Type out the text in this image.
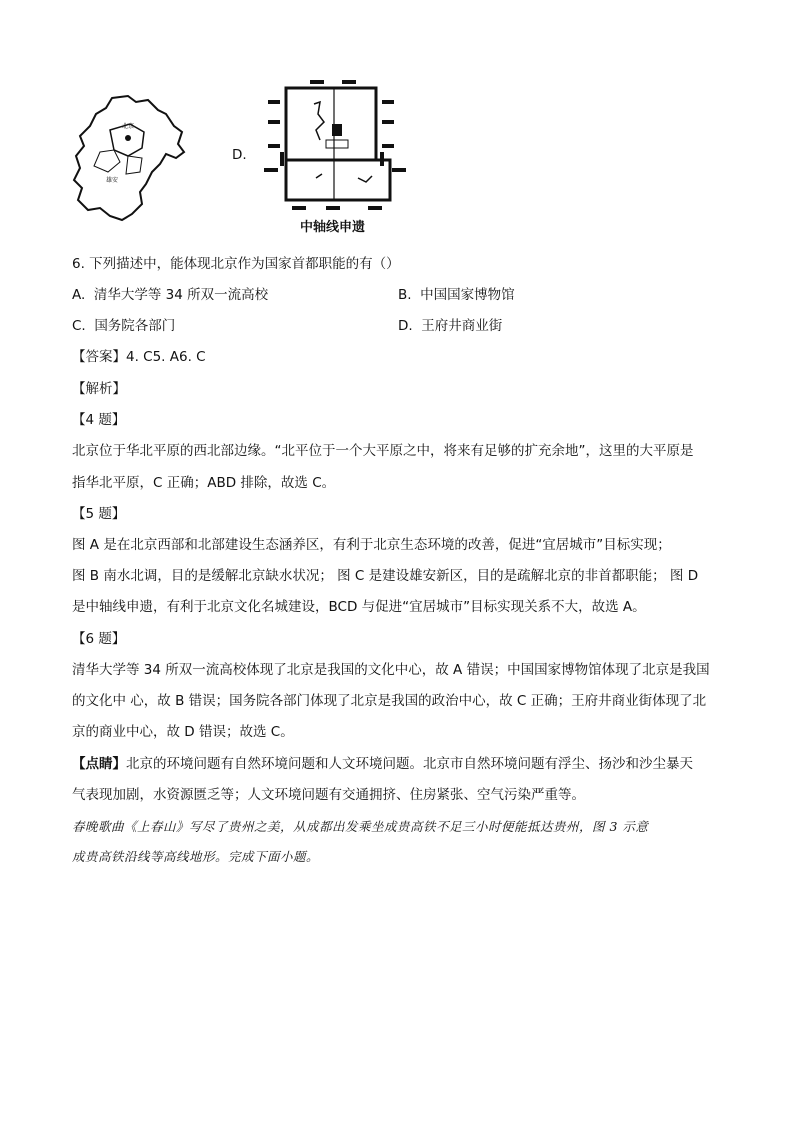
北京
雄安
D.
中轴线申遗
6. 下列描述中，能体现北京作为国家首都职能的有（）
A. 清华大学等 34 所双一流高校	B. 中国国家博物馆
C. 国务院各部门	D. 王府井商业街
【答案】4. C5. A6. C
【解析】
【4 题】
北京位于华北平原的西北部边缘。“北平位于一个大平原之中，将来有足够的扩充余地”，这里的大平原是
指华北平原，C 正确；ABD 排除，故选 C。
【5 题】
图 A 是在北京西部和北部建设生态涵养区，有利于北京生态环境的改善，促进“宜居城市”目标实现；
图 B 南水北调，目的是缓解北京缺水状况； 图 C 是建设雄安新区，目的是疏解北京的非首都职能； 图 D
是中轴线申遗，有利于北京文化名城建设，BCD 与促进“宜居城市”目标实现关系不大，故选 A。
【6 题】
清华大学等 34 所双一流高校体现了北京是我国的文化中心，故 A 错误；中国国家博物馆体现了北京是我国
的文化中 心，故 B 错误；国务院各部门体现了北京是我国的政治中心，故 C 正确；王府井商业街体现了北
京的商业中心，故 D 错误；故选 C。
【点睛】北京的环境问题有自然环境问题和人文环境问题。北京市自然环境问题有浮尘、扬沙和沙尘暴天
气表现加剧，水资源匮乏等；人文环境问题有交通拥挤、住房紧张、空气污染严重等。
春晚歌曲《上春山》写尽了贵州之美，从成都出发乘坐成贵高铁不足三小时便能抵达贵州，图 3 示意
成贵高铁沿线等高线地形。完成下面小题。
